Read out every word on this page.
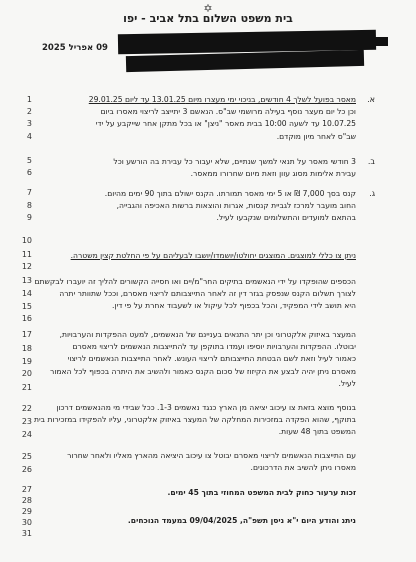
✡
בית משפט השלום בתל אביב - יפו
09 אפריל 2025
1
2
3
4
5
6
7
8
9
10
11
12
13
14
15
16
17
18
19
20
21
22
23
24
25
26
27
28
29
30
31
א.
מאסר בפועל לשלך 4 חודשים, בניכוי ימי מעצרו מיום 13.01.25 עד ליום 29.01.25
וכן כל יום מעצר נוסף בעילה מרושמי שב"ס. הנאשם 3 יתייצב לריצוי מאסרו ביום
10.07.25 עד לשעה 10:00 בבית מאסר "ניצן" או בכל מתקן אחר שייקבע על ידי
שב"ס לאחר מיון מוקדם.
ב.
3 חודשי מאסר על תנאי למשך שנתיים, שלא יעבור כל עבירת בה הורשע וכל
עבירת אלימות מסוג עוון וזאת מיום שחרורו ממאסר.
ג.
קנס בסך 7,000 ₪ או 5 ימי מאסר תמורתו. הקנס ישולם בתוך 90 ימים מהיום.
החוב מועבר למרכז לגביית קנסות, אגרות והוצאות ברשות האכיפה והגבייה,
בהתאם למועדים והתשלומים שנקבעו לעיל.
ניתן צו כללי למוצגים. המוצגים יחולטו/יושמדו/יושבו לבעליהם על פי החלטת קצין משטרה.
הכספים שהופקדו על ידי הנאשמים בתיקים החר"מ/יים ואו חסייה הקשורים להליך זה יועברו לבקשתם
לצורך תשלום הקנס שנפסק בגזר דין זה לאחר התייצבותם לריצוי מאסרם, וככל שתוותר יתרה
היא תושב לידי המפקיד, והכל בכפוף לכל עיקול או לשעבוד אחרת על פי דין.
המעצר באיזוק אלקטרוני וכן יתר התנאים בעניינם של הנאשמים, למעט ההפקדות והערבויות,
יבוטלו. ההפקדות והערבויות יוסיפו ועמדו בתוקפן עד להתייצבות הנאשמים לריצוי מאסרם
כאמור לעיל וזאת לשם הבטחת התייצבותם לריצוי העונש. לאחר התייצבות הנאשמים לריצוי
מאסרם ניתן יהיה לבצע את הקיזוז של סכום הקנס כאמור ולהשיב את היתרה בכפוף לכל האמור
לעיל.
בנוסף מוצא בזאת צו עיכוב יציאה מן הארץ כנגד נאשמים 1-3. ככל שבידי מי מהנאשמים דרכון
בתוקף, שהוא הפקדה במזכירות המחלקה של המעצר באיזוק אלקטרוני, עליו להפקידו במזכירות בית
המשפט בתוך 48 שעות.
עם התייצבות הנאשמים לריצוי מאסרם יבוטל צו עיכוב היציאה מהארץ מאליו ולאחר שחרור
מאסרו ניתן להשיב את הדרכונים.
זכות ערעור כחוק לבית המשפט המחוזי בתוך 45 ימים.
ניתנ והודע היום י"א ניסן תשפ"ה, 09/04/2025 במעמד הנוכחים.
